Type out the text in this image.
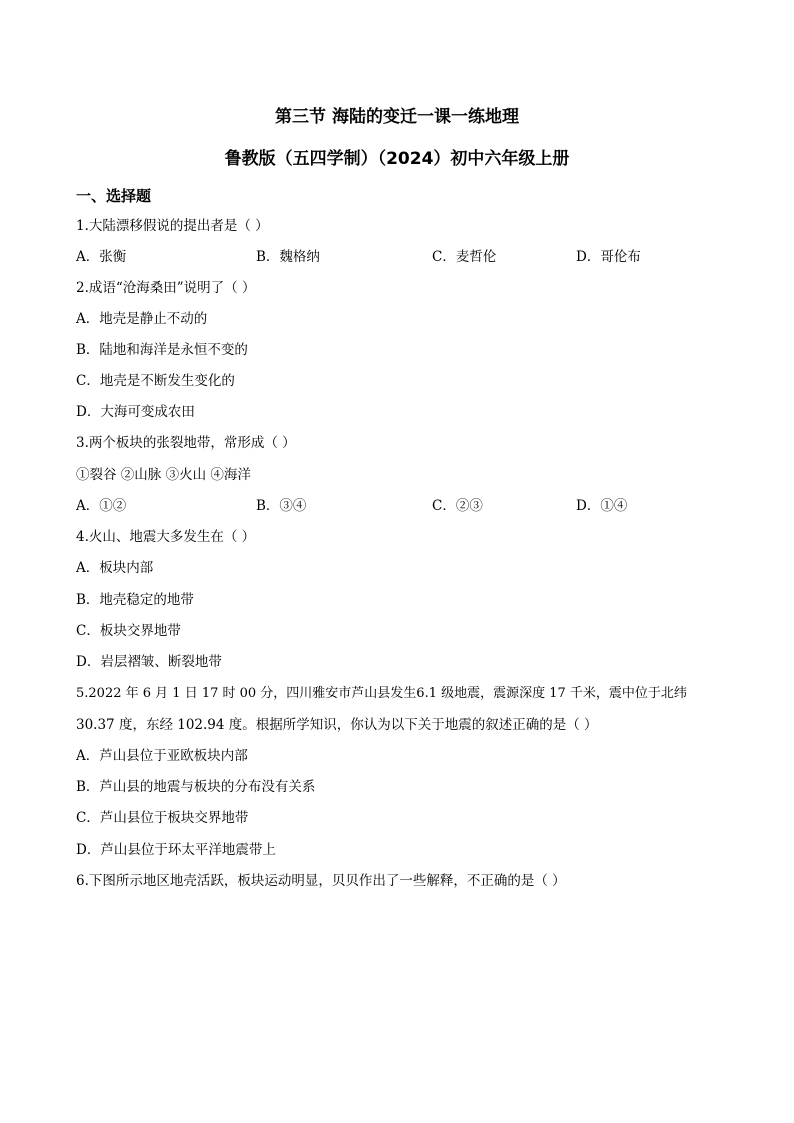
第三节 海陆的变迁一课一练地理
鲁教版（五四学制）（2024）初中六年级上册
一、选择题
1.大陆漂移假说的提出者是（ ）
A．张衡	B．魏格纳	C．麦哲伦	D．哥伦布
2.成语“沧海桑田”说明了（ ）
A．地壳是静止不动的
B．陆地和海洋是永恒不变的
C．地壳是不断发生变化的
D．大海可变成农田
3.两个板块的张裂地带，常形成（ ）
①裂谷 ②山脉 ③火山 ④海洋
A．①②	B．③④	C．②③	D．①④
4.火山、地震大多发生在（ ）
A．板块内部
B．地壳稳定的地带
C．板块交界地带
D．岩层褶皱、断裂地带
5.2022 年 6 月 1 日 17 时 00 分，四川雅安市芦山县发生6.1 级地震，震源深度 17 千米，震中位于北纬
30.37 度，东经 102.94 度。根据所学知识，你认为以下关于地震的叙述正确的是（ ）
A．芦山县位于亚欧板块内部
B．芦山县的地震与板块的分布没有关系
C．芦山县位于板块交界地带
D．芦山县位于环太平洋地震带上
6.下图所示地区地壳活跃，板块运动明显，贝贝作出了一些解释，不正确的是（ ）
